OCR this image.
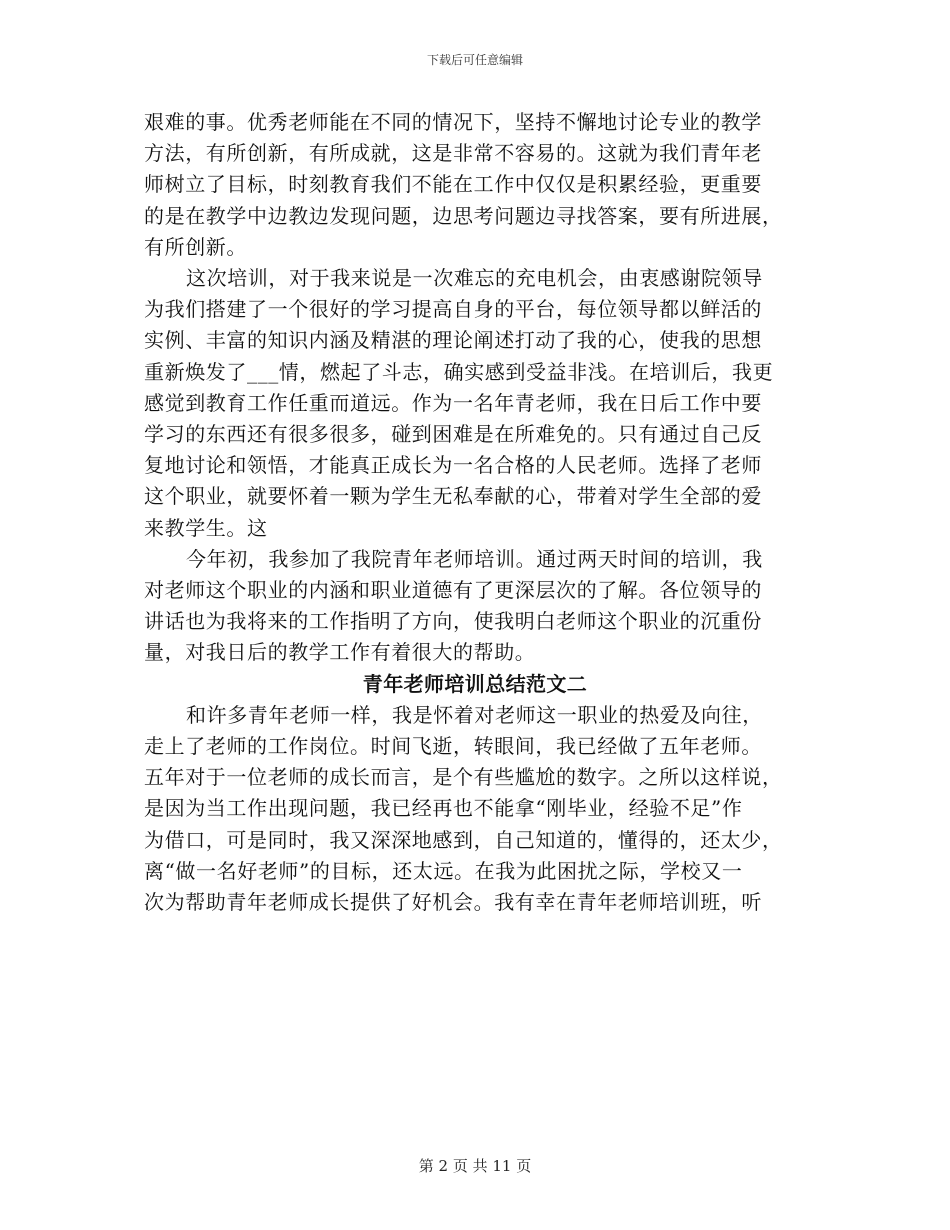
下载后可任意编辑
艰难的事。优秀老师能在不同的情况下，坚持不懈地讨论专业的教学
方法，有所创新，有所成就，这是非常不容易的。这就为我们青年老
师树立了目标，时刻教育我们不能在工作中仅仅是积累经验，更重要
的是在教学中边教边发现问题，边思考问题边寻找答案，要有所进展，
有所创新。
这次培训，对于我来说是一次难忘的充电机会，由衷感谢院领导
为我们搭建了一个很好的学习提高自身的平台，每位领导都以鲜活的
实例、丰富的知识内涵及精湛的理论阐述打动了我的心，使我的思想
重新焕发了___情，燃起了斗志，确实感到受益非浅。在培训后，我更
感觉到教育工作任重而道远。作为一名年青老师，我在日后工作中要
学习的东西还有很多很多，碰到困难是在所难免的。只有通过自己反
复地讨论和领悟，才能真正成长为一名合格的人民老师。选择了老师
这个职业，就要怀着一颗为学生无私奉献的心，带着对学生全部的爱
来教学生。这
今年初，我参加了我院青年老师培训。通过两天时间的培训，我
对老师这个职业的内涵和职业道德有了更深层次的了解。各位领导的
讲话也为我将来的工作指明了方向，使我明白老师这个职业的沉重份
量，对我日后的教学工作有着很大的帮助。
青年老师培训总结范文二
和许多青年老师一样，我是怀着对老师这一职业的热爱及向往，
走上了老师的工作岗位。时间飞逝，转眼间，我已经做了五年老师。
五年对于一位老师的成长而言，是个有些尴尬的数字。之所以这样说，
是因为当工作出现问题，我已经再也不能拿“刚毕业，经验不足”作
为借口，可是同时，我又深深地感到，自己知道的，懂得的，还太少，
离“做一名好老师”的目标，还太远。在我为此困扰之际，学校又一
次为帮助青年老师成长提供了好机会。我有幸在青年老师培训班，听
第 2 页 共 11 页
